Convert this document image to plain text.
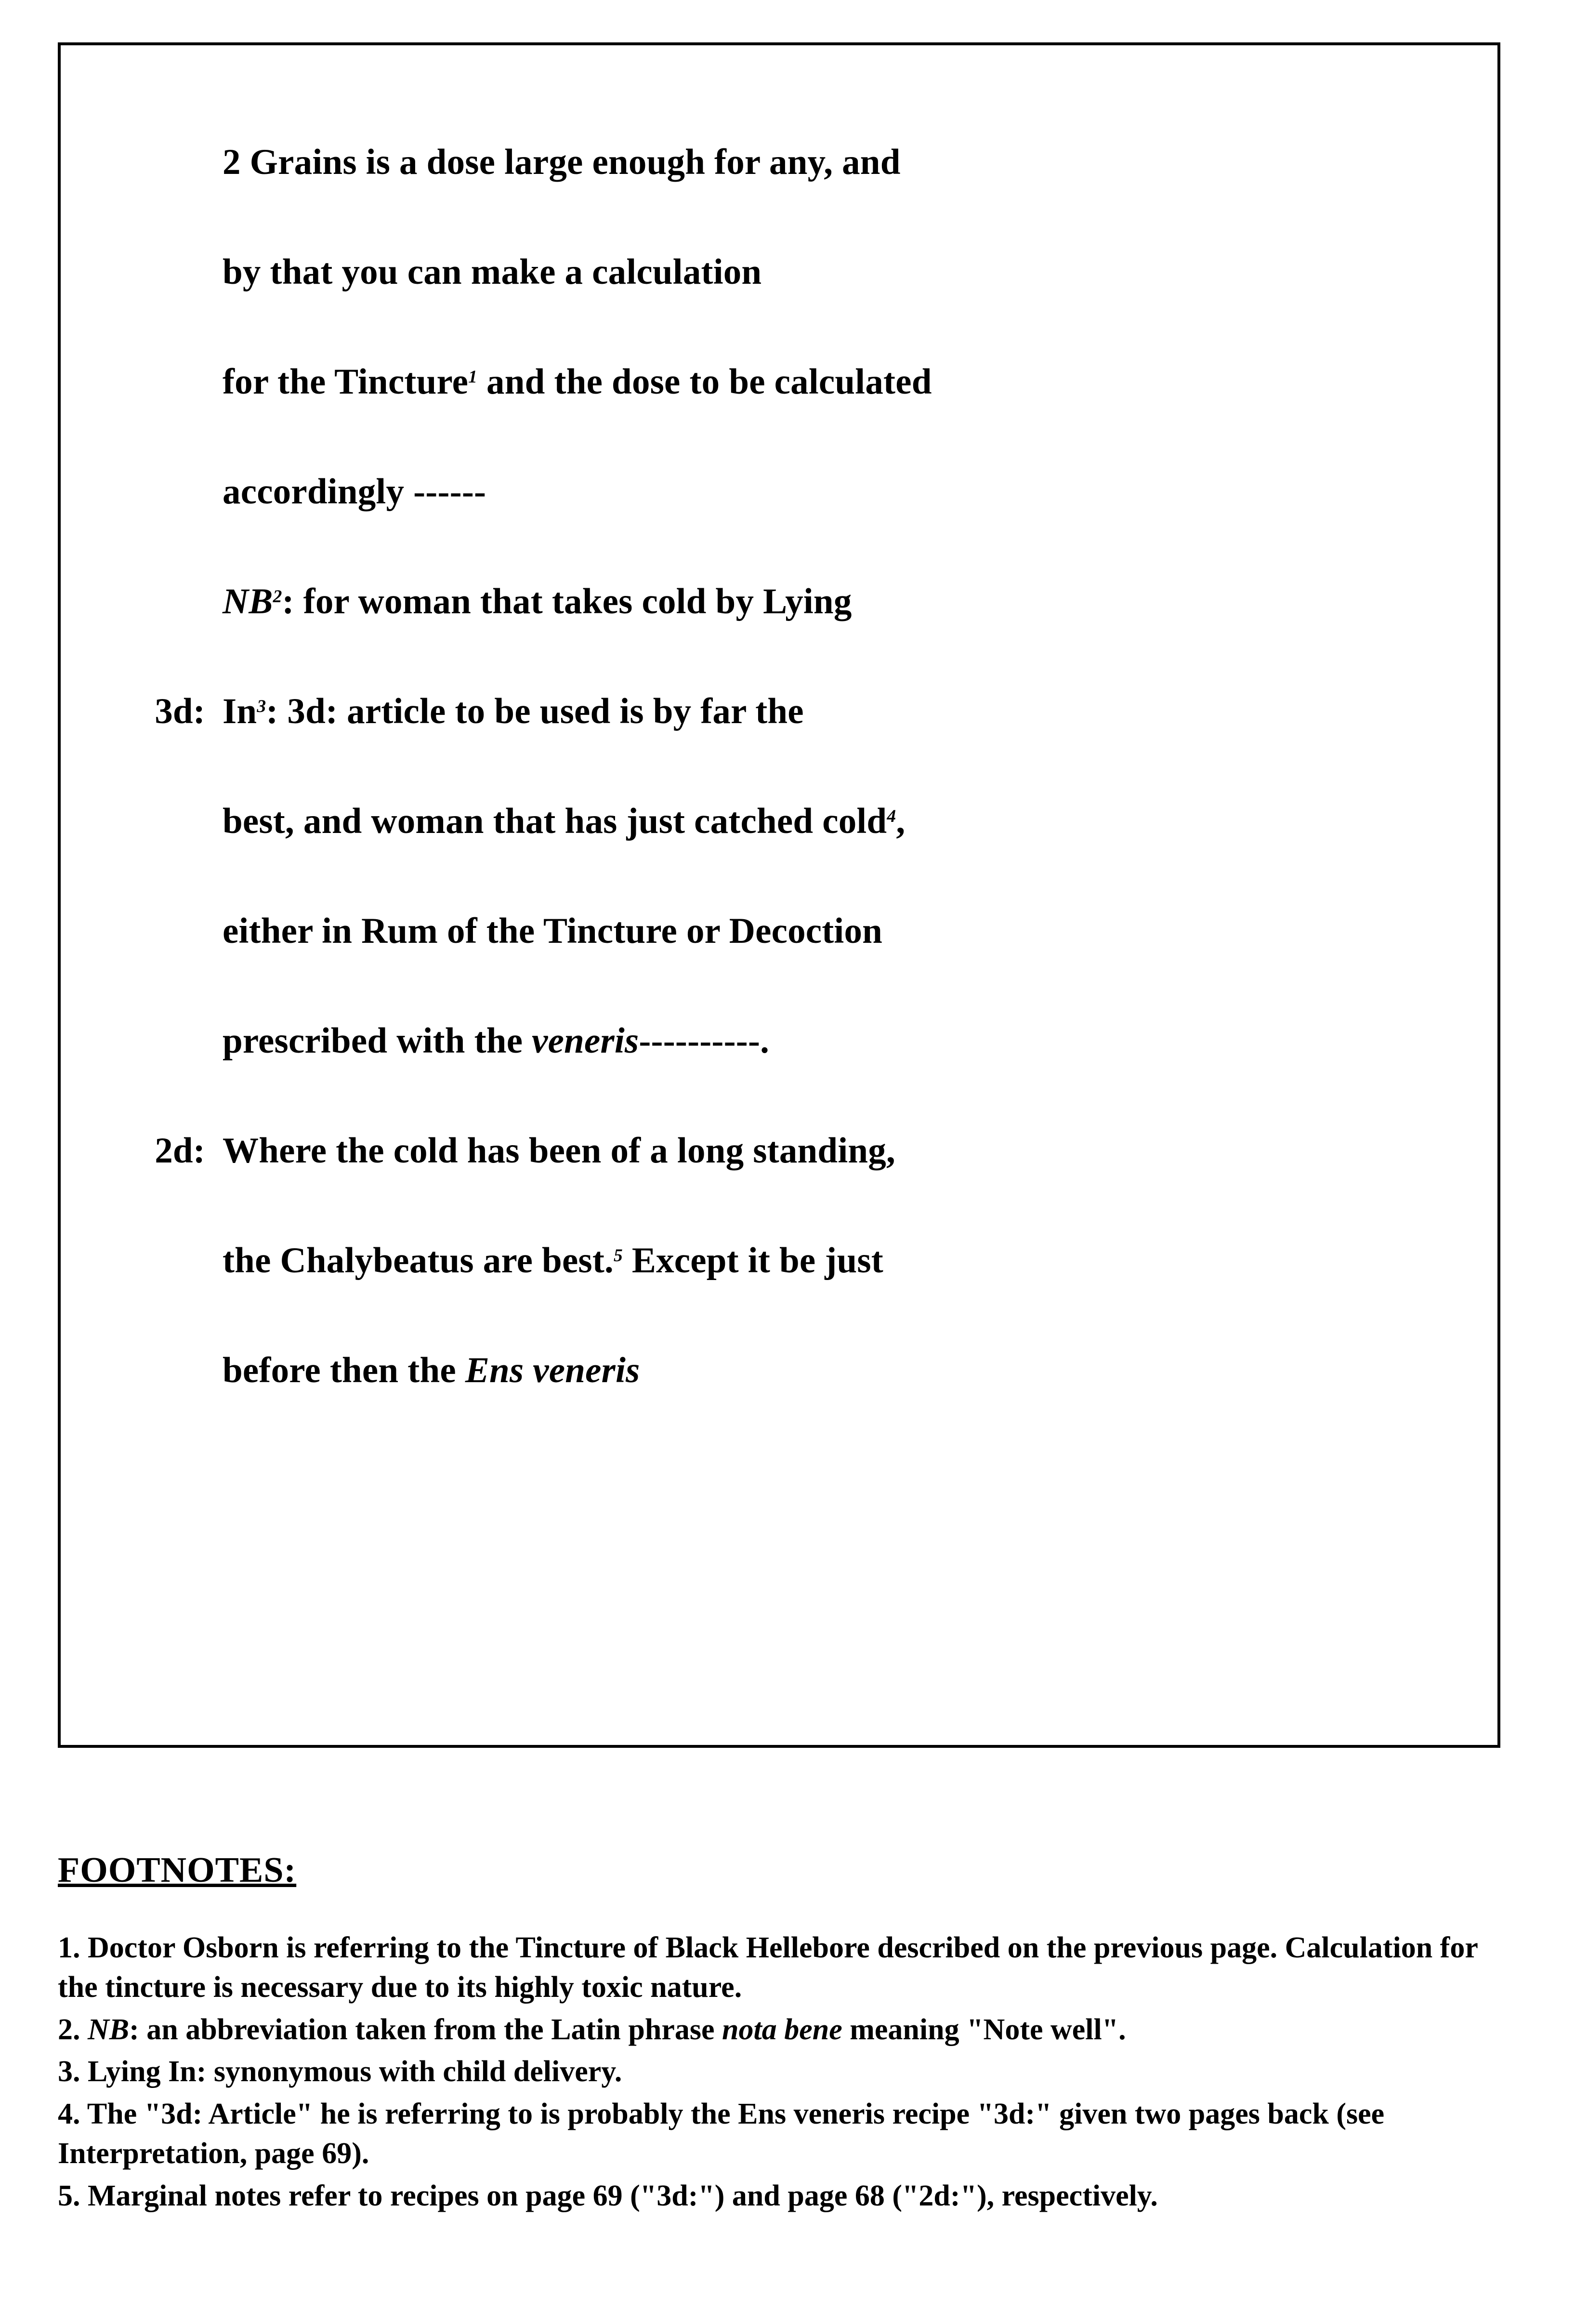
2 Grains is a dose large enough for any, and
by that you can make a calculation
for the Tincture$^1$ and the dose to be calculated
accordingly ------
$NB^2$: for woman that takes cold by Lying
3d: In$^3$: 3d: article to be used is by far the
best, and woman that has just catched cold$^4$,
either in Rum of the Tincture or Decoction
prescribed with the veneris----------.
2d: Where the cold has been of a long standing,
the Chalybeatus are best.$^5$ Except it be just
before then the Ens veneris
FOOTNOTES:
1. Doctor Osborn is referring to the Tincture of Black Hellebore described on the previous page. Calculation for the tincture is necessary due to its highly toxic nature.
2. NB: an abbreviation taken from the Latin phrase nota bene meaning "Note well".
3. Lying In: synonymous with child delivery.
4. The "3d: Article" he is referring to is probably the Ens veneris recipe "3d:" given two pages back (see Interpretation, page 69).
5. Marginal notes refer to recipes on page 69 ("3d:") and page 68 ("2d:"), respectively.
